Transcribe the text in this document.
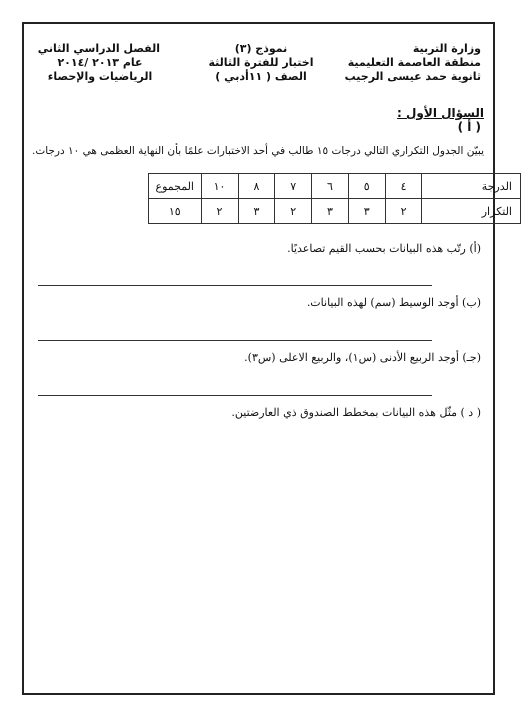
وزارة التربية
منطقة العاصمة التعليمية
ثانوية حمد عيسى الرجيب
نموذج (٣)
اختبار للفترة الثالثة
الصف ( ١١أدبي )
الفصل الدراسي الثاني
عام ٢٠١٣ /٢٠١٤
الرياضيات والإحصاء
السؤال الأول :
( أ )
يبيّن الجدول التكراري التالي درجات ١٥ طالب في أحد الاختبارات علمًا بأن النهاية العظمى هي ١٠ درجات.
الدرجة	٤	٥	٦	٧	٨	١٠	المجموع
التكرار	٢	٣	٣	٢	٣	٢	١٥
(أ) رتّب هذه البيانات بحسب القيم تصاعديًا.
(ب) أوجد الوسيط (سم) لهذه البيانات.
(جـ) أوجد الربيع الأدنى (س١)، والربيع الاعلى (س٣).
( د ) مثّل هذه البيانات بمخطط الصندوق ذي العارضتين.
